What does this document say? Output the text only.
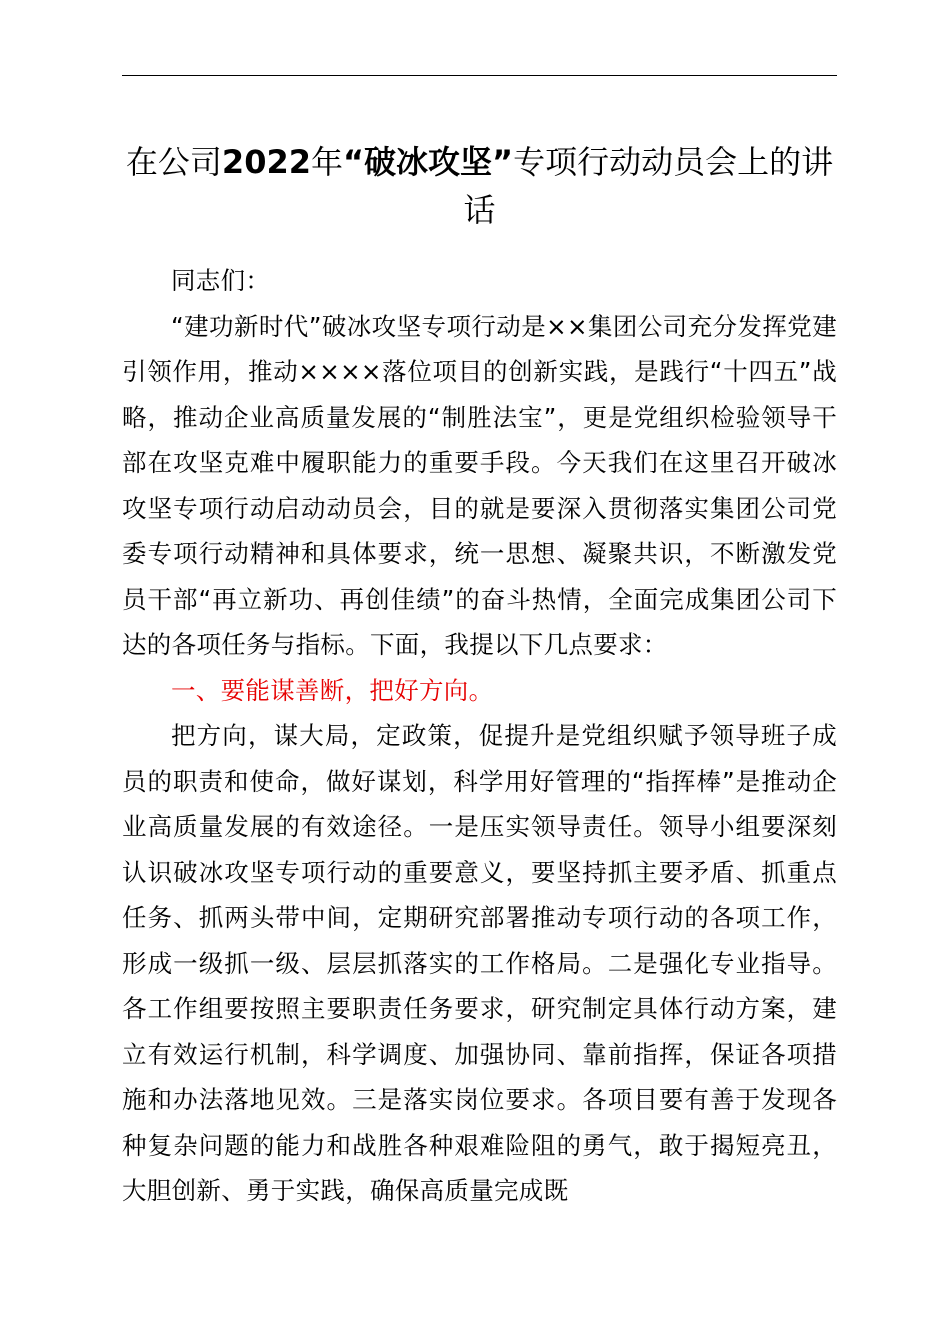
在公司2022年“破冰攻坚”专项行动动员会上的讲话

同志们：

“建功新时代”破冰攻坚专项行动是××集团公司充分发挥党建引领作用，推动××××落位项目的创新实践，是践行“十四五”战略，推动企业高质量发展的“制胜法宝”，更是党组织检验领导干部在攻坚克难中履职能力的重要手段。今天我们在这里召开破冰攻坚专项行动启动动员会，目的就是要深入贯彻落实集团公司党委专项行动精神和具体要求，统一思想、凝聚共识，不断激发党员干部“再立新功、再创佳绩”的奋斗热情，全面完成集团公司下达的各项任务与指标。下面，我提以下几点要求：

一、要能谋善断，把好方向。

把方向，谋大局，定政策，促提升是党组织赋予领导班子成员的职责和使命，做好谋划，科学用好管理的“指挥棒”是推动企业高质量发展的有效途径。一是压实领导责任。领导小组要深刻认识破冰攻坚专项行动的重要意义，要坚持抓主要矛盾、抓重点任务、抓两头带中间，定期研究部署推动专项行动的各项工作，形成一级抓一级、层层抓落实的工作格局。二是强化专业指导。各工作组要按照主要职责任务要求，研究制定具体行动方案，建立有效运行机制，科学调度、加强协同、靠前指挥，保证各项措施和办法落地见效。三是落实岗位要求。各项目要有善于发现各种复杂问题的能力和战胜各种艰难险阻的勇气，敢于揭短亮丑，大胆创新、勇于实践，确保高质量完成既
